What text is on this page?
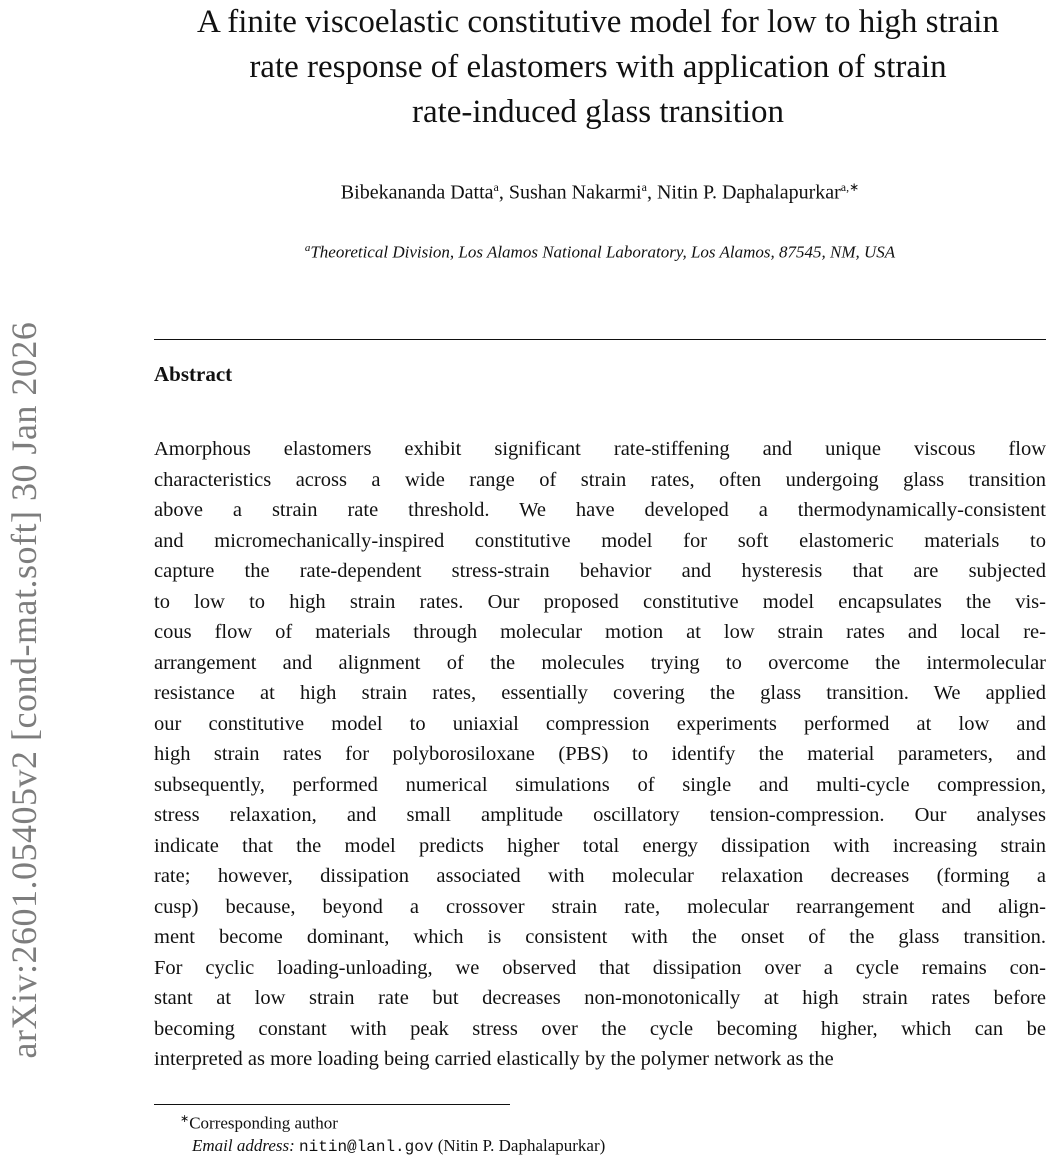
arXiv:2601.05405v2 [cond-mat.soft] 30 Jan 2026
A finite viscoelastic constitutive model for low to high strain
rate response of elastomers with application of strain
rate-induced glass transition
Bibekananda Datta$^a$, Sushan Nakarmi$^a$, Nitin P. Daphalapurkar$^{a,∗}$
$^a$Theoretical Division, Los Alamos National Laboratory, Los Alamos, 87545, NM, USA
Abstract
Amorphous elastomers exhibit significant rate-stiffening and unique viscous flow
characteristics across a wide range of strain rates, often undergoing glass transition
above a strain rate threshold. We have developed a thermodynamically-consistent
and micromechanically-inspired constitutive model for soft elastomeric materials to
capture the rate-dependent stress-strain behavior and hysteresis that are subjected
to low to high strain rates. Our proposed constitutive model encapsulates the vis-
cous flow of materials through molecular motion at low strain rates and local re-
arrangement and alignment of the molecules trying to overcome the intermolecular
resistance at high strain rates, essentially covering the glass transition. We applied
our constitutive model to uniaxial compression experiments performed at low and
high strain rates for polyborosiloxane (PBS) to identify the material parameters, and
subsequently, performed numerical simulations of single and multi-cycle compression,
stress relaxation, and small amplitude oscillatory tension-compression. Our analyses
indicate that the model predicts higher total energy dissipation with increasing strain
rate; however, dissipation associated with molecular relaxation decreases (forming a
cusp) because, beyond a crossover strain rate, molecular rearrangement and align-
ment become dominant, which is consistent with the onset of the glass transition.
For cyclic loading-unloading, we observed that dissipation over a cycle remains con-
stant at low strain rate but decreases non-monotonically at high strain rates before
becoming constant with peak stress over the cycle becoming higher, which can be
interpreted as more loading being carried elastically by the polymer network as the
∗Corresponding author
Email address: nitin@lanl.gov (Nitin P. Daphalapurkar)
